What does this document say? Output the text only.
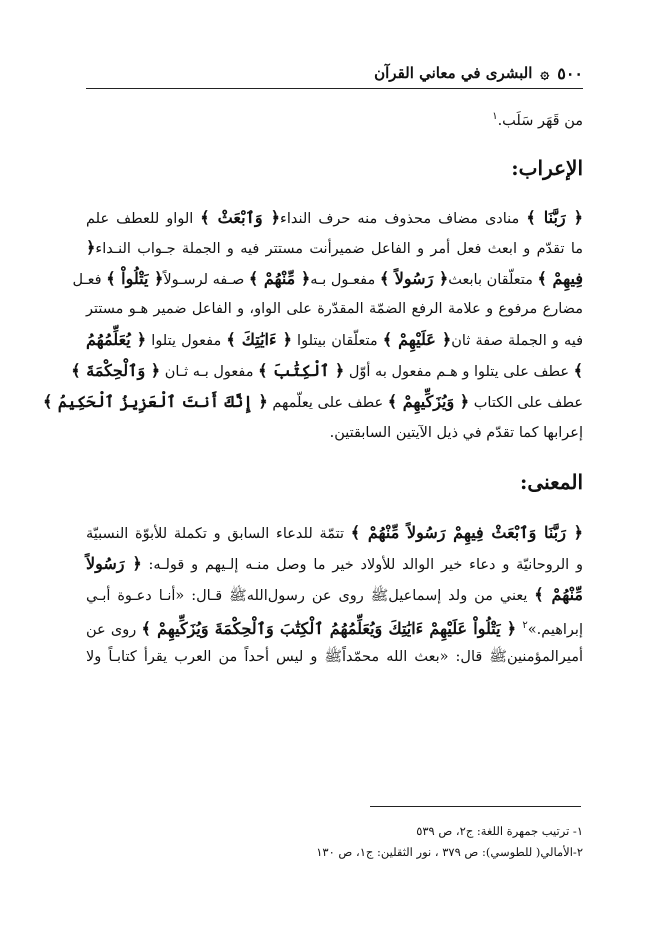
٥٠٠
۞
البشرى في معاني القرآن
من قَهَر سَلَب.$^١$
الإعراب:
﴿ رَبَّنَا ﴾ منادى مضاف محذوف منه حرف النداء﴿ وَٱبْعَثْ ﴾ الواو للعطف علم
ما تقدّم و ابعث فعل أمر و الفاعل ضميرأنت مستتر فيه و الجملة جـواب النـداء﴿
فِيهِمْ ﴾ متعلّقان بابعث﴿ رَسُولاً ﴾ مفعـول بـه﴿ مِّنْهُمْ ﴾ صـفه لرسـولاً﴿ يَتْلُواْ ﴾ فعـل
مضارع مرفوع و علامة الرفع الضمّة المقدّرة على الواو، و الفاعل ضمير هـو مستتر
فيه و الجملة صفة ثان﴿ عَلَيْهِمْ ﴾ متعلّقان بيتلوا ﴿ ءَايَٰتِكَ ﴾ مفعول يتلوا ﴿ يُعَلِّمُهُمُ
﴾ عطف على يتلوا و هـم مفعول به أوّل ﴿ ٱلْكِتَٰبَ ﴾ مفعول بـه ثـان ﴿ وَٱلْحِكْمَةَ ﴾
عطف على الكتاب ﴿ وَيُزَكِّيهِمْ ﴾ عطف على يعلّمهم ﴿ إِنَّكَ أَنتَ ٱلْعَزِيزُ ٱلْحَكِيمُ ﴾
إعرابها كما تقدّم في ذيل الآيتين السابقتين.
المعنى:
﴿ رَبَّنَا وَٱبْعَثْ فِيهِمْ رَسُولاً مِّنْهُمْ ﴾ تتمّة للدعاء السابق و تكملة للأبوّة النسبيّة
و الروحانيّة و دعاء خير الوالد للأولاد خير ما وصل منـه إلـيهم و قولـه: ﴿ رَسُولاً
مِّنْهُمْ ﴾ يعني من ولد إسماعيلﷺ روى عن رسول‌اللهﷺ قـال: «أنـا دعـوة أبـي
إبراهيم.»$^٢$ ﴿ يَتْلُواْ عَلَيْهِمْ ءَايَٰتِكَ وَيُعَلِّمُهُمُ ٱلْكِتَٰبَ وَٱلْحِكْمَةَ وَيُزَكِّيهِمْ ﴾ روى عن
أميرالمؤمنينﷺ قال: «بعث الله محمّداًﷺ و ليس أحداً من العرب يقرأ كتابـاً ولا
١- ترتيب جمهرة اللغة: ج٢، ص ٥٣٩
٢-الأمالي( للطوسي): ص ٣٧٩ ، نور الثقلين: ج١، ص ١٣٠
